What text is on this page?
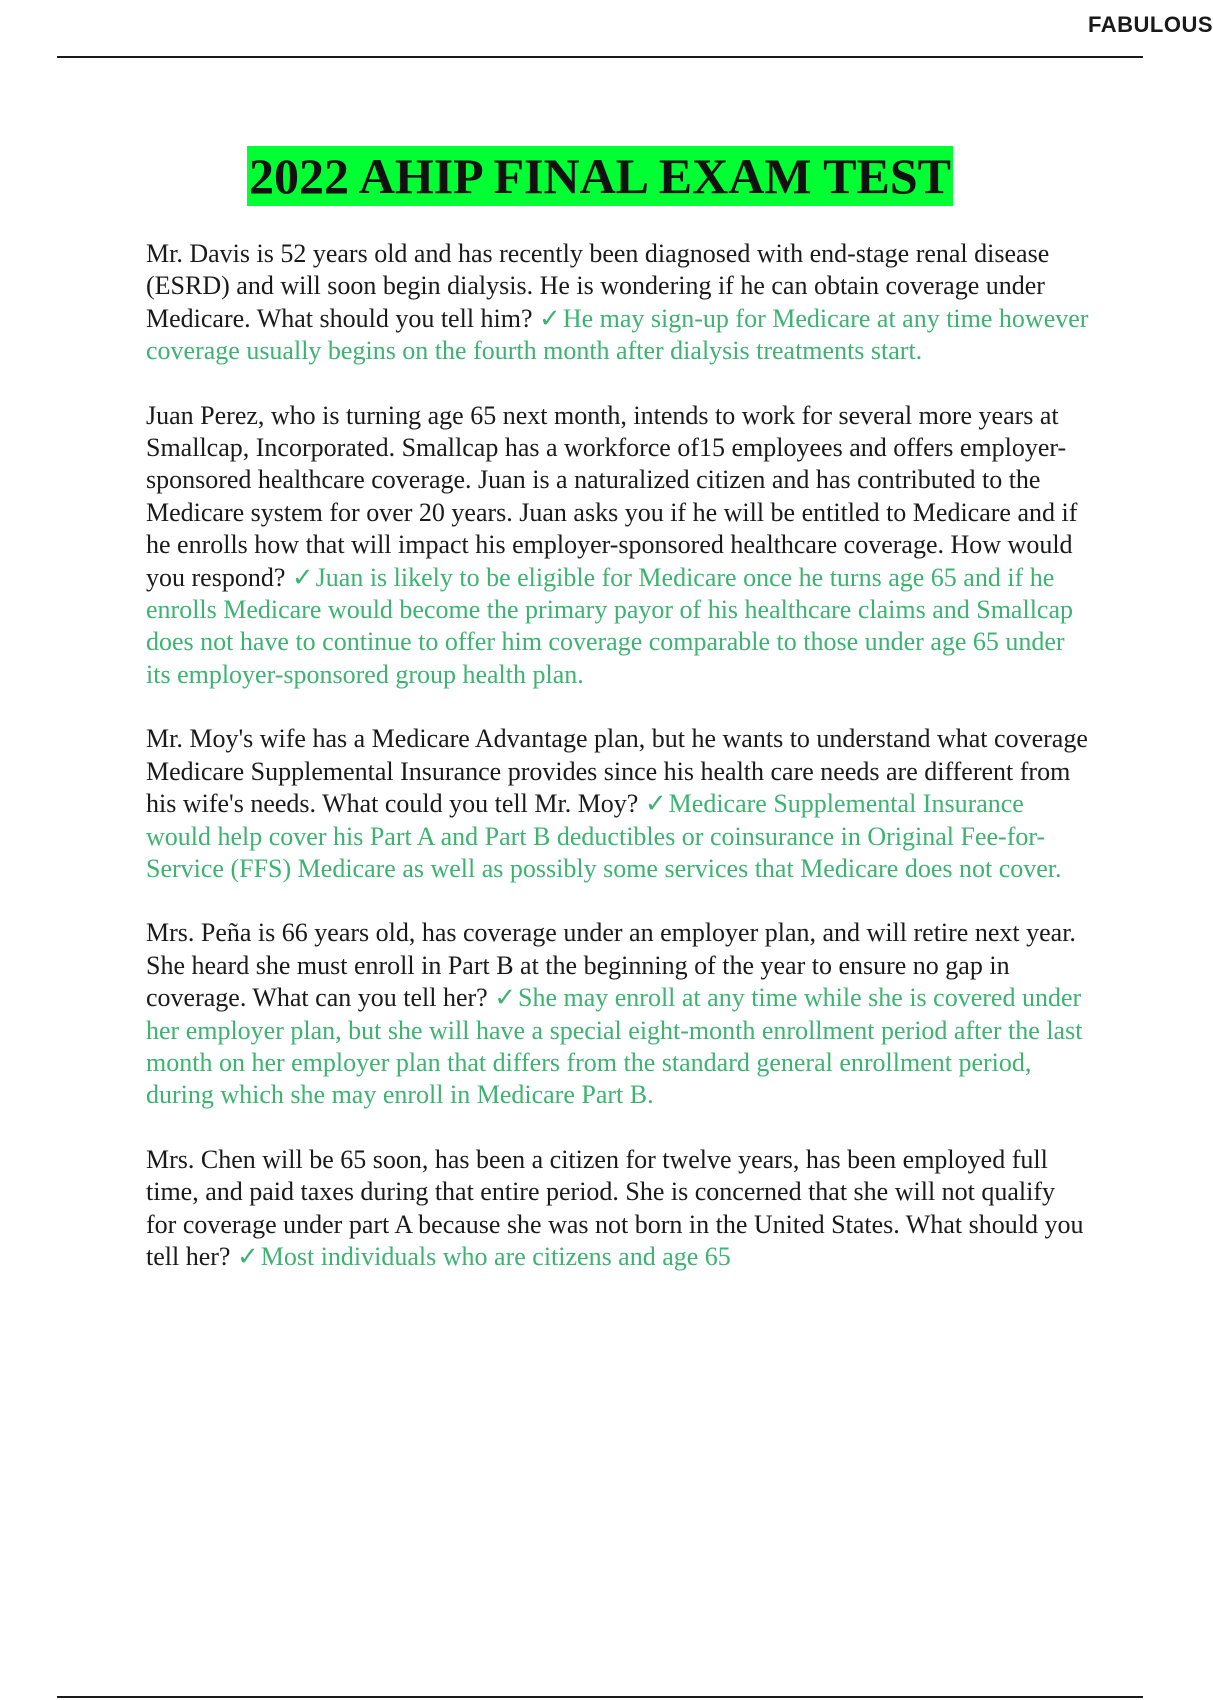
FABULOUS
2022 AHIP FINAL EXAM TEST

Mr. Davis is 52 years old and has recently been diagnosed with end-stage renal disease (ESRD) and will soon begin dialysis. He is wondering if he can obtain coverage under Medicare. What should you tell him? ✓He may sign-up for Medicare at any time however coverage usually begins on the fourth month after dialysis treatments start.

Juan Perez, who is turning age 65 next month, intends to work for several more years at Smallcap, Incorporated. Smallcap has a workforce of15 employees and offers employer-sponsored healthcare coverage. Juan is a naturalized citizen and has contributed to the Medicare system for over 20 years. Juan asks you if he will be entitled to Medicare and if he enrolls how that will impact his employer-sponsored healthcare coverage. How would you respond? ✓Juan is likely to be eligible for Medicare once he turns age 65 and if he enrolls Medicare would become the primary payor of his healthcare claims and Smallcap does not have to continue to offer him coverage comparable to those under age 65 under its employer-sponsored group health plan.

Mr. Moy's wife has a Medicare Advantage plan, but he wants to understand what coverage Medicare Supplemental Insurance provides since his health care needs are different from his wife's needs. What could you tell Mr. Moy? ✓Medicare Supplemental Insurance would help cover his Part A and Part B deductibles or coinsurance in Original Fee-for-Service (FFS) Medicare as well as possibly some services that Medicare does not cover.

Mrs. Peña is 66 years old, has coverage under an employer plan, and will retire next year. She heard she must enroll in Part B at the beginning of the year to ensure no gap in coverage. What can you tell her? ✓She may enroll at any time while she is covered under her employer plan, but she will have a special eight-month enrollment period after the last month on her employer plan that differs from the standard general enrollment period, during which she may enroll in Medicare Part B.

Mrs. Chen will be 65 soon, has been a citizen for twelve years, has been employed full time, and paid taxes during that entire period. She is concerned that she will not qualify for coverage under part A because she was not born in the United States. What should you tell her? ✓Most individuals who are citizens and age 65
